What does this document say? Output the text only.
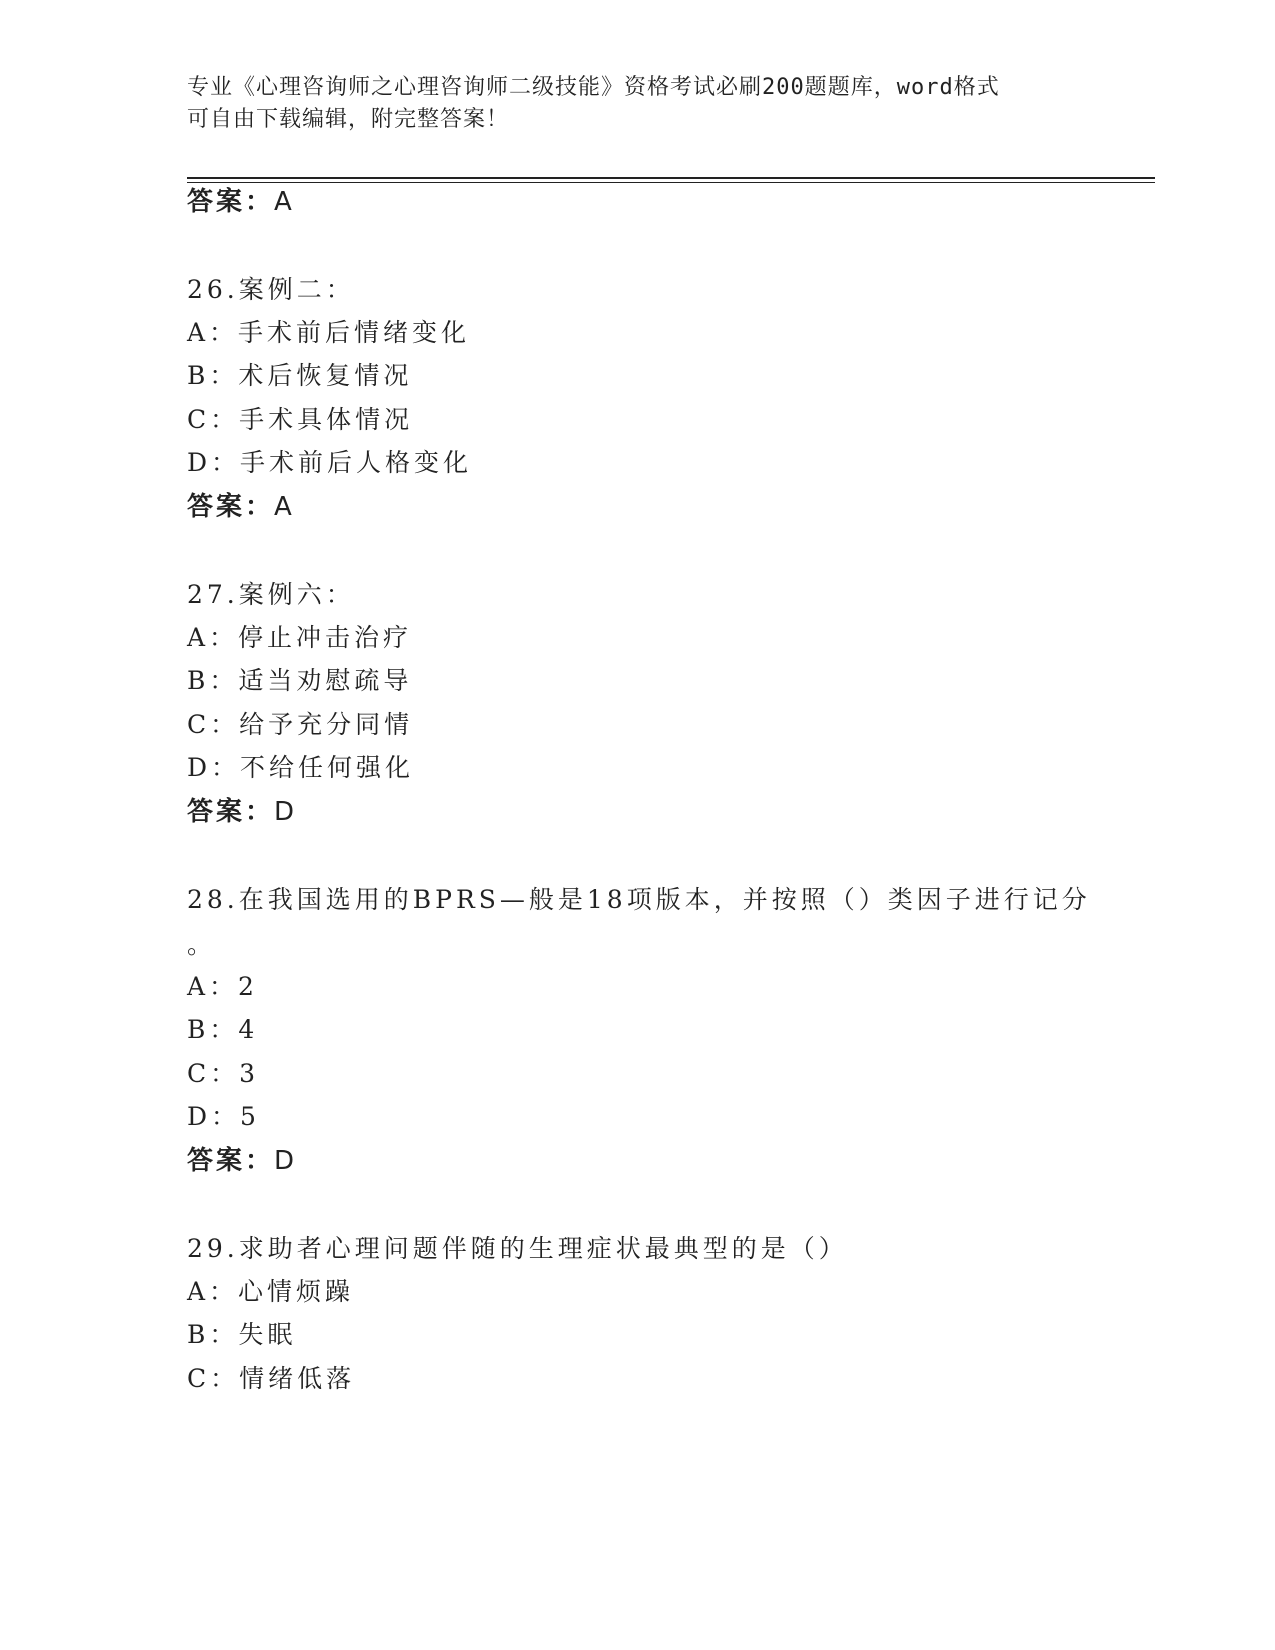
专业《心理咨询师之心理咨询师二级技能》资格考试必刷200题题库，word格式
可自由下载编辑，附完整答案！
答案：A
26.案例二：
A：手术前后情绪变化
B：术后恢复情况
C：手术具体情况
D：手术前后人格变化
答案：A
27.案例六：
A：停止冲击治疗
B：适当劝慰疏导
C：给予充分同情
D：不给任何强化
答案：D
28.在我国选用的BPRS—般是18项版本，并按照（）类因子进行记分
。
A：2
B：4
C：3
D：5
答案：D
29.求助者心理问题伴随的生理症状最典型的是（）
A：心情烦躁
B：失眠
C：情绪低落
